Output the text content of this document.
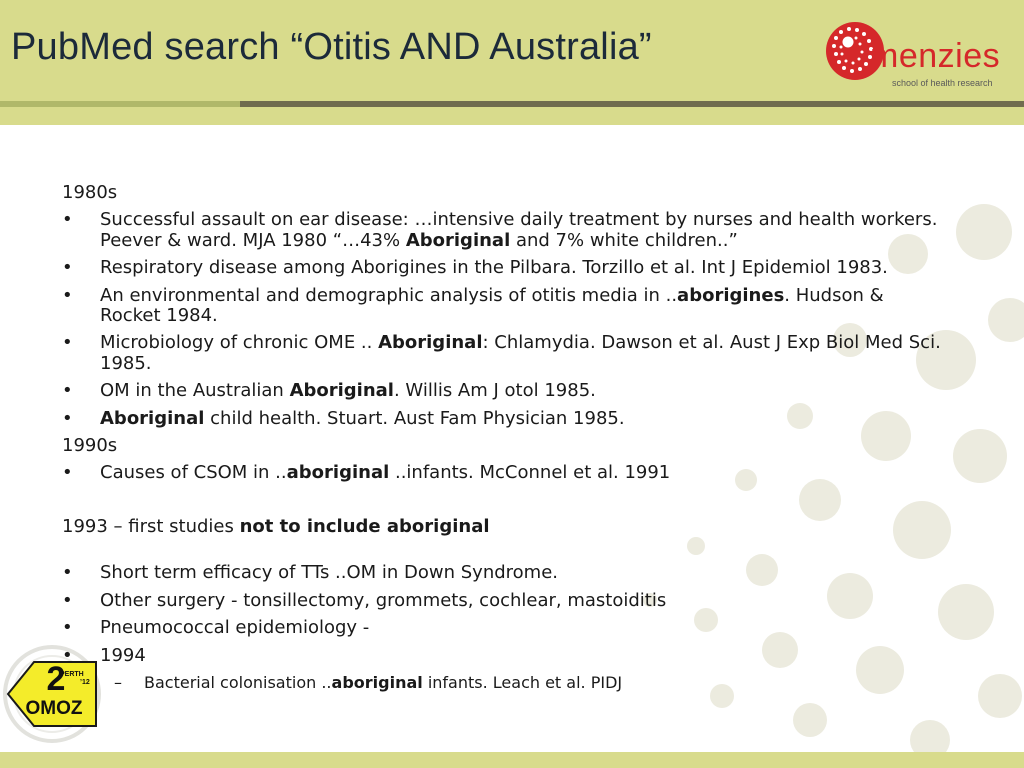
PubMed search “Otitis AND Australia”	menzies
school of health research
2
PERTH
’12
OMOZ

1980s

• Successful assault on ear disease: …intensive daily treatment by nurses and health workers. Peever & ward. MJA 1980 “…43% Aboriginal and 7% white children..”
• Respiratory disease among Aborigines in the Pilbara. Torzillo et al. Int J Epidemiol 1983.
• An environmental and demographic analysis of otitis media in ..aborigines. Hudson & Rocket 1984.
• Microbiology of chronic OME .. Aboriginal: Chlamydia. Dawson et al. Aust J Exp Biol Med Sci. 1985.
• OM in the Australian Aboriginal. Willis Am J otol 1985.
• Aboriginal child health. Stuart. Aust Fam Physician 1985.

1990s

• Causes of CSOM in ..aboriginal ..infants. McConnel et al. 1991

1993 – first studies not to include aboriginal

• Short term efficacy of TTs ..OM in Down Syndrome.
• Other surgery - tonsillectomy, grommets, cochlear, mastoiditis
• Pneumococcal epidemiology -
• 1994
– Bacterial colonisation ..aboriginal infants. Leach et al. PIDJ
